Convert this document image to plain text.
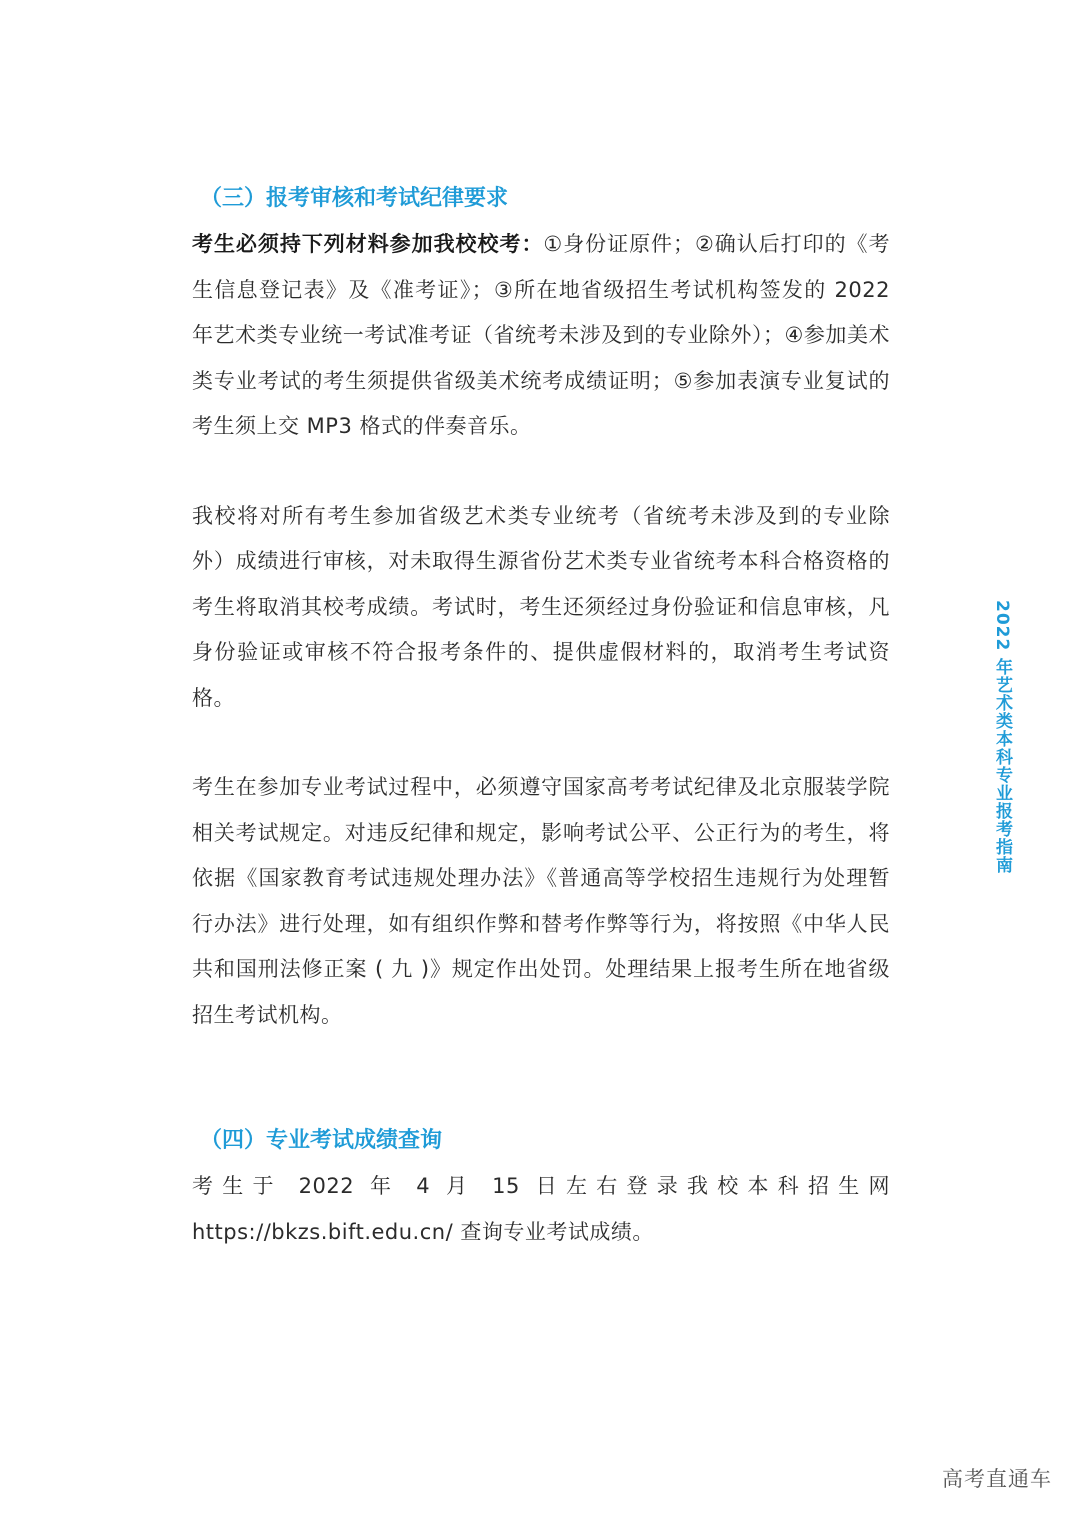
（三）报考审核和考试纪律要求

考生必须持下列材料参加我校校考：①身份证原件；②确认后打印的《考生信息登记表》及《准考证》；③所在地省级招生考试机构签发的 2022 年艺术类专业统一考试准考证（省统考未涉及到的专业除外）；④参加美术类专业考试的考生须提供省级美术统考成绩证明；⑤参加表演专业复试的考生须上交 MP3 格式的伴奏音乐。

我校将对所有考生参加省级艺术类专业统考（省统考未涉及到的专业除外）成绩进行审核，对未取得生源省份艺术类专业省统考本科合格资格的考生将取消其校考成绩。考试时，考生还须经过身份验证和信息审核，凡身份验证或审核不符合报考条件的、提供虚假材料的，取消考生考试资格。

考生在参加专业考试过程中，必须遵守国家高考考试纪律及北京服装学院相关考试规定。对违反纪律和规定，影响考试公平、公正行为的考生，将依据《国家教育考试违规处理办法》《普通高等学校招生违规行为处理暂行办法》进行处理，如有组织作弊和替考作弊等行为，将按照《中华人民共和国刑法修正案 ( 九 )》规定作出处罚。处理结果上报考生所在地省级招生考试机构。

（四）专业考试成绩查询

考生于 2022 年 4 月 15 日左右登录我校本科招生网 https://bkzs.bift.edu.cn/ 查询专业考试成绩。

2022 年艺术类本科专业报考指南
高考直通车
